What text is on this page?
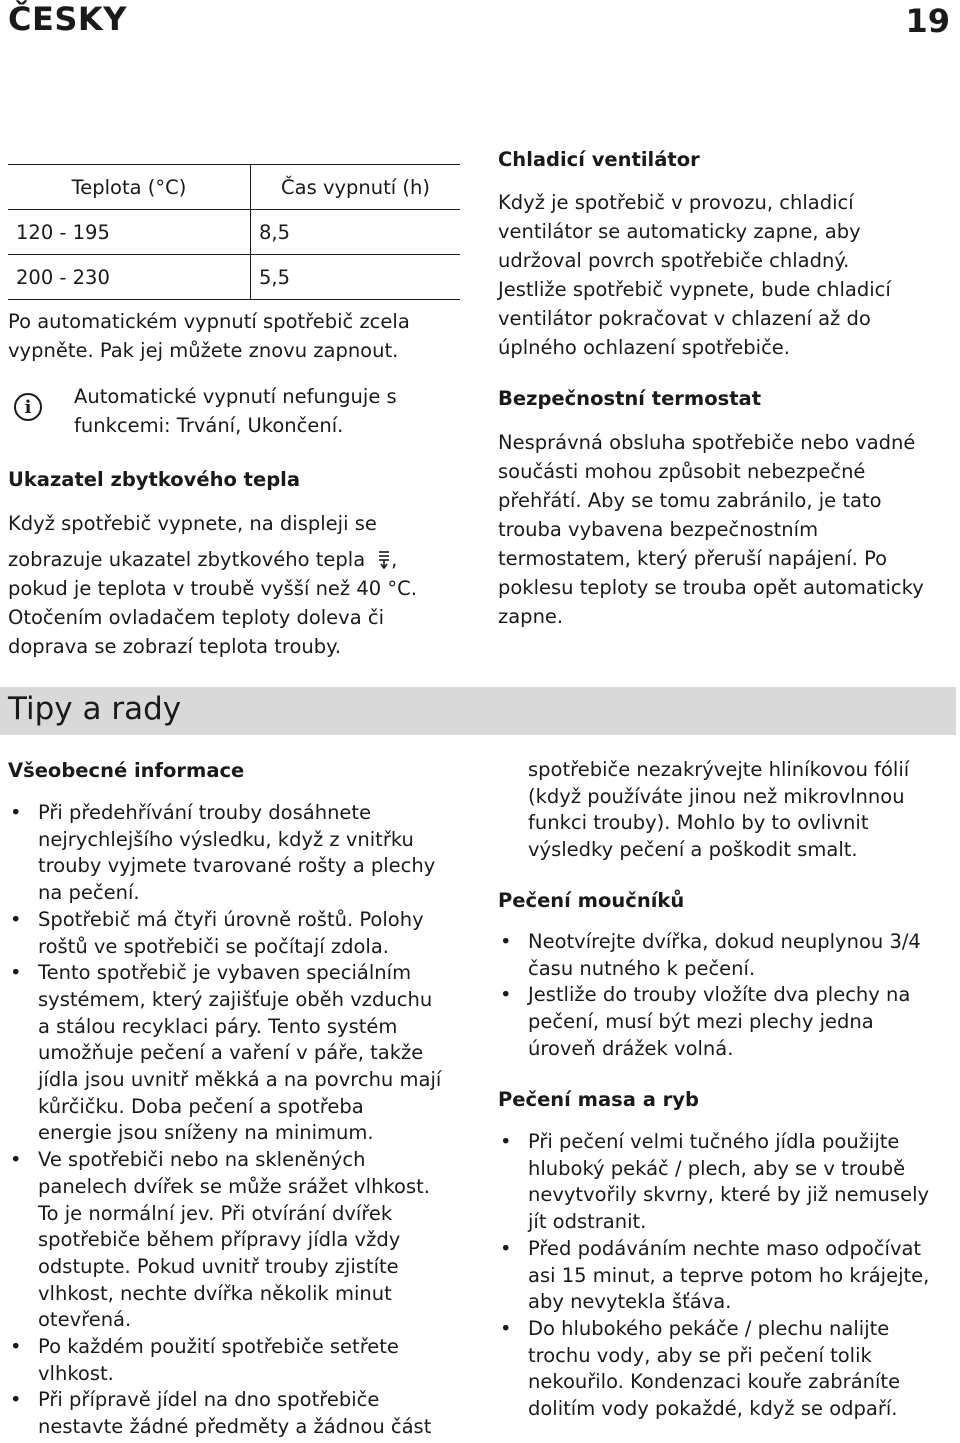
ČESKY	19
Teplota (°C)	Čas vypnutí (h)
120 - 195	8,5
200 - 230	5,5
Po automatickém vypnutí spotřebič zcela
vypněte. Pak jej můžete znovu zapnout.
i	Automatické vypnutí nefunguje s
funkcemi: Trvání, Ukončení.
Ukazatel zbytkového tepla
Když spotřebič vypnete, na displeji se
zobrazuje ukazatel zbytkového tepla ,
pokud je teplota v troubě vyšší než 40 °C.
Otočením ovladačem teploty doleva či
doprava se zobrazí teplota trouby.
Chladicí ventilátor
Když je spotřebič v provozu, chladicí
ventilátor se automaticky zapne, aby
udržoval povrch spotřebiče chladný.
Jestliže spotřebič vypnete, bude chladicí
ventilátor pokračovat v chlazení až do
úplného ochlazení spotřebiče.
Bezpečnostní termostat
Nesprávná obsluha spotřebiče nebo vadné
součásti mohou způsobit nebezpečné
přehřátí. Aby se tomu zabránilo, je tato
trouba vybavena bezpečnostním
termostatem, který přeruší napájení. Po
poklesu teploty se trouba opět automaticky
zapne.
Tipy a rady
Všeobecné informace
• Při předehřívání trouby dosáhnete
nejrychlejšího výsledku, když z vnitřku
trouby vyjmete tvarované rošty a plechy
na pečení.
• Spotřebič má čtyři úrovně roštů. Polohy
roštů ve spotřebiči se počítají zdola.
• Tento spotřebič je vybaven speciálním
systémem, který zajišťuje oběh vzduchu
a stálou recyklaci páry. Tento systém
umožňuje pečení a vaření v páře, takže
jídla jsou uvnitř měkká a na povrchu mají
kůrčičku. Doba pečení a spotřeba
energie jsou sníženy na minimum.
• Ve spotřebiči nebo na skleněných
panelech dvířek se může srážet vlhkost.
To je normální jev. Při otvírání dvířek
spotřebiče během přípravy jídla vždy
odstupte. Pokud uvnitř trouby zjistíte
vlhkost, nechte dvířka několik minut
otevřená.
• Po každém použití spotřebiče setřete
vlhkost.
• Při přípravě jídel na dno spotřebiče
nestavte žádné předměty a žádnou část
spotřebiče nezakrývejte hliníkovou fólií
(když používáte jinou než mikrovlnnou
funkci trouby). Mohlo by to ovlivnit
výsledky pečení a poškodit smalt.
Pečení moučníků
• Neotvírejte dvířka, dokud neuplynou 3/4
času nutného k pečení.
• Jestliže do trouby vložíte dva plechy na
pečení, musí být mezi plechy jedna
úroveň drážek volná.
Pečení masa a ryb
• Při pečení velmi tučného jídla použijte
hluboký pekáč / plech, aby se v troubě
nevytvořily skvrny, které by již nemusely
jít odstranit.
• Před podáváním nechte maso odpočívat
asi 15 minut, a teprve potom ho krájejte,
aby nevytekla šťáva.
• Do hlubokého pekáče / plechu nalijte
trochu vody, aby se při pečení tolik
nekouřilo. Kondenzaci kouře zabráníte
dolitím vody pokaždé, když se odpaří.
